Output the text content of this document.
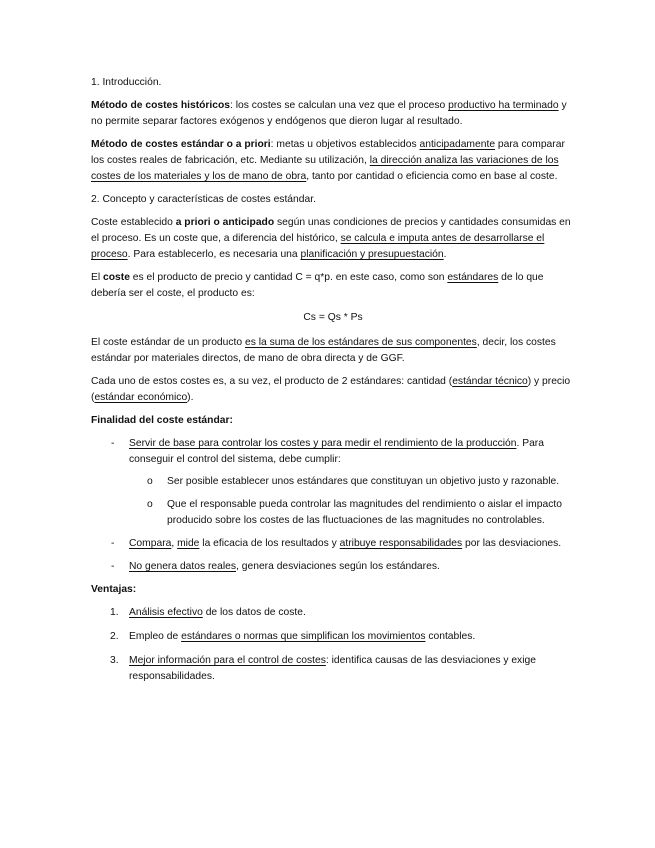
1. Introducción.

Método de costes históricos: los costes se calculan una vez que el proceso productivo ha terminado y no permite separar factores exógenos y endógenos que dieron lugar al resultado.

Método de costes estándar o a priori: metas u objetivos establecidos anticipadamente para comparar los costes reales de fabricación, etc. Mediante su utilización, la dirección analiza las variaciones de los costes de los materiales y los de mano de obra, tanto por cantidad o eficiencia como en base al coste.

2. Concepto y características de costes estándar.

Coste establecido a priori o anticipado según unas condiciones de precios y cantidades consumidas en el proceso. Es un coste que, a diferencia del histórico, se calcula e imputa antes de desarrollarse el proceso. Para establecerlo, es necesaria una planificación y presupuestación.

El coste es el producto de precio y cantidad C = q*p. en este caso, como son estándares de lo que debería ser el coste, el producto es:

Cs = Qs * Ps

El coste estándar de un producto es la suma de los estándares de sus componentes, decir, los costes estándar por materiales directos, de mano de obra directa y de GGF.

Cada uno de estos costes es, a su vez, el producto de 2 estándares: cantidad (estándar técnico) y precio (estándar económico).

Finalidad del coste estándar:

- Servir de base para controlar los costes y para medir el rendimiento de la producción. Para conseguir el control del sistema, debe cumplir:
o Ser posible establecer unos estándares que constituyan un objetivo justo y razonable.
o Que el responsable pueda controlar las magnitudes del rendimiento o aislar el impacto producido sobre los costes de las fluctuaciones de las magnitudes no controlables.
- Compara, mide la eficacia de los resultados y atribuye responsabilidades por las desviaciones.
- No genera datos reales, genera desviaciones según los estándares.

Ventajas:

1. Análisis efectivo de los datos de coste.
2. Empleo de estándares o normas que simplifican los movimientos contables.
3. Mejor información para el control de costes: identifica causas de las desviaciones y exige responsabilidades.
